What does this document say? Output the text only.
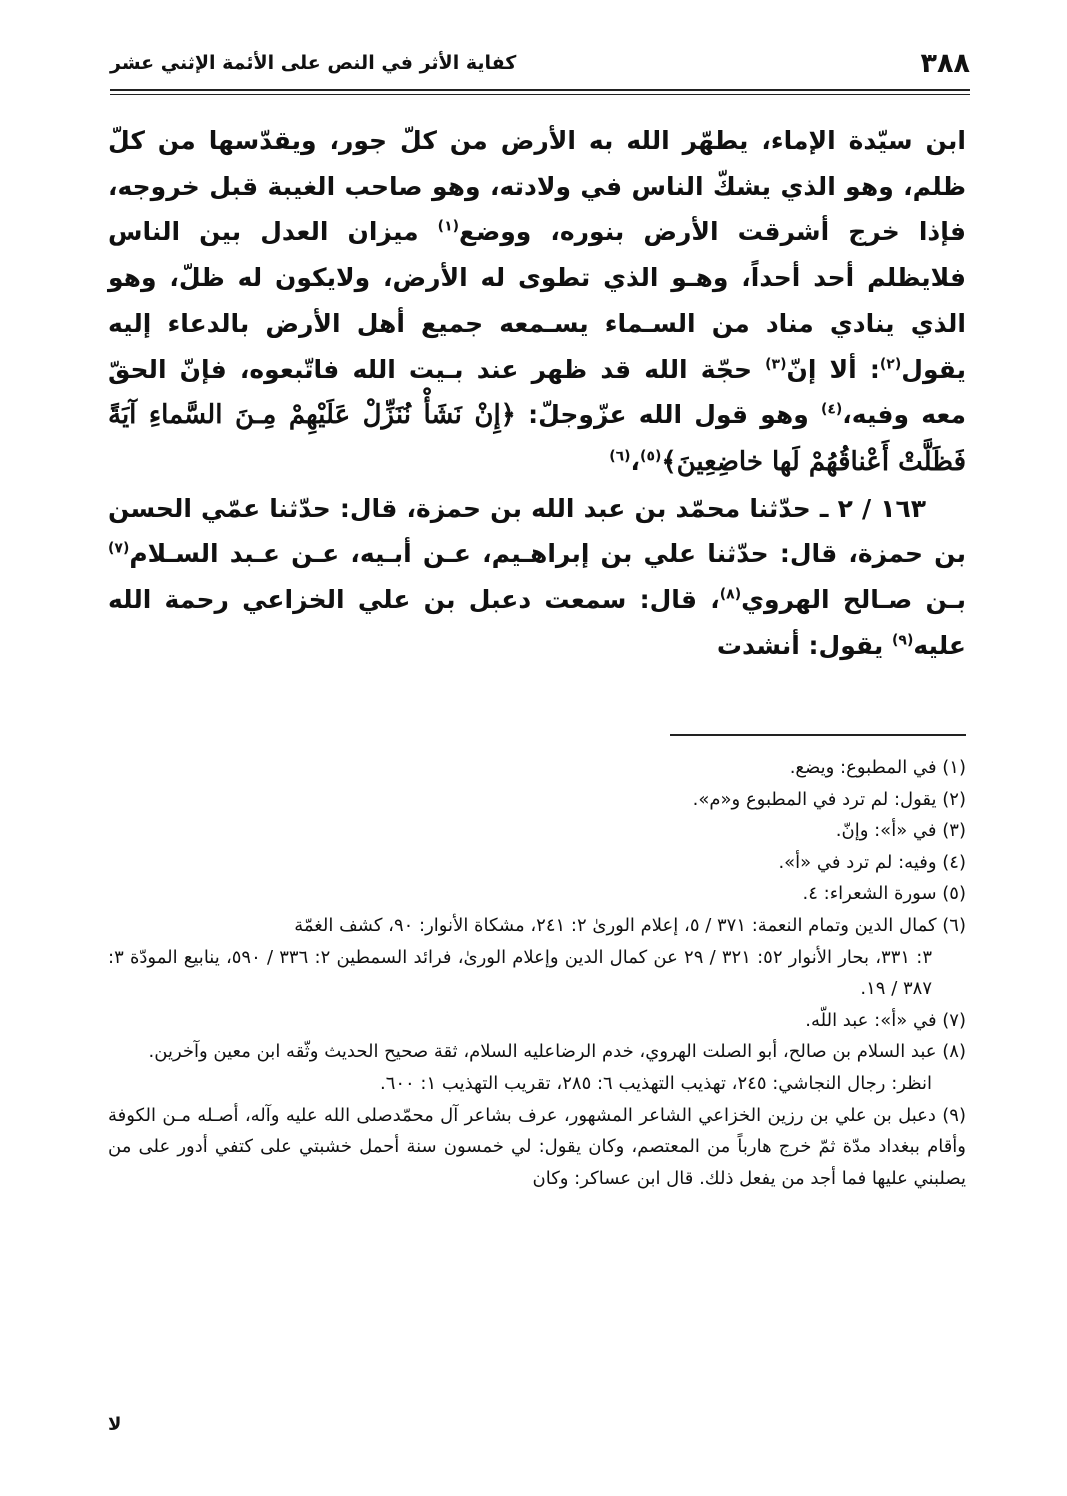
٣٨٨
كفاية الأثر في النص على الأئمة الإثني عشر

ابن سيّدة الإماء، يطهّر الله به الأرض من كلّ جور، ويقدّسها من كلّ ظلم، وهو الذي يشكّ الناس في ولادته، وهو صاحب الغيبة قبل خروجه، فإذا خرج أشرقت الأرض بنوره، ووضع$^{(١)}$ ميزان العدل بين الناس فلايظلم أحد أحداً، وهـو الذي تطوى له الأرض، ولايكون له ظلّ، وهو الذي ينادي مناد من السـماء يسـمعه جميع أهل الأرض بالدعاء إليه يقول$^{(٢)}$: ألا إنّ$^{(٣)}$ حجّة الله قد ظهر عند بـيت الله فاتّبعوه، فإنّ الحقّ معه وفيه،$^{(٤)}$ وهو قول الله عزّوجلّ: ﴿إِنْ نَشَأْ نُنَزِّلْ عَلَيْهِمْ مِـنَ السَّماءِ آيَةً فَظَلَّتْ أَعْناقُهُمْ لَها خاضِعِينَ﴾$^{(٥)}$،$^{(٦)}$

١٦٣ / ٢ ـ حدّثنا محمّد بن عبد الله بن حمزة، قال: حدّثنا عمّي الحسن بن حمزة، قال: حدّثنا علي بن إبراهـيم، عـن أبـيه، عـن عـبد السـلام$^{(٧)}$ بـن صـالح الهروي$^{(٨)}$، قال: سمعت دعبل بن علي الخزاعي رحمة الله عليه$^{(٩)}$ يقول: أنشدت

(١) في المطبوع: ويضع.
(٢) يقول: لم ترد في المطبوع و«م».
(٣) في «أ»: وإنّ.
(٤) وفيه: لم ترد في «أ».
(٥) سورة الشعراء: ٤.
(٦) كمال الدين وتمام النعمة: ٣٧١ / ٥، إعلام الورىٰ ٢: ٢٤١، مشكاة الأنوار: ٩٠، كشف الغمّة
٣: ٣٣١، بحار الأنوار ٥٢: ٣٢١ / ٢٩ عن كمال الدين وإعلام الورىٰ، فرائد السمطين ٢: ٣٣٦ / ٥٩٠، ينابيع المودّة ٣: ٣٨٧ / ١٩.
(٧) في «أ»: عبد اللّه.
(٨) عبد السلام بن صالح، أبو الصلت الهروي، خدم الرضاعليه السلام، ثقة صحيح الحديث وثّقه ابن معين وآخرين.
انظر: رجال النجاشي: ٢٤٥، تهذيب التهذيب ٦: ٢٨٥، تقريب التهذيب ١: ٦٠٠.
(٩) دعبل بن علي بن رزين الخزاعي الشاعر المشهور، عرف بشاعر آل محمّدصلى الله عليه وآله، أصـله مـن الكوفة وأقام ببغداد مدّة ثمّ خرج هارباً من المعتصم، وكان يقول: لي خمسون سنة أحمل خشبتي على كتفي أدور على من يصلبني عليها فما أجد من يفعل ذلك. قال ابن عساكر: وكان
لا
